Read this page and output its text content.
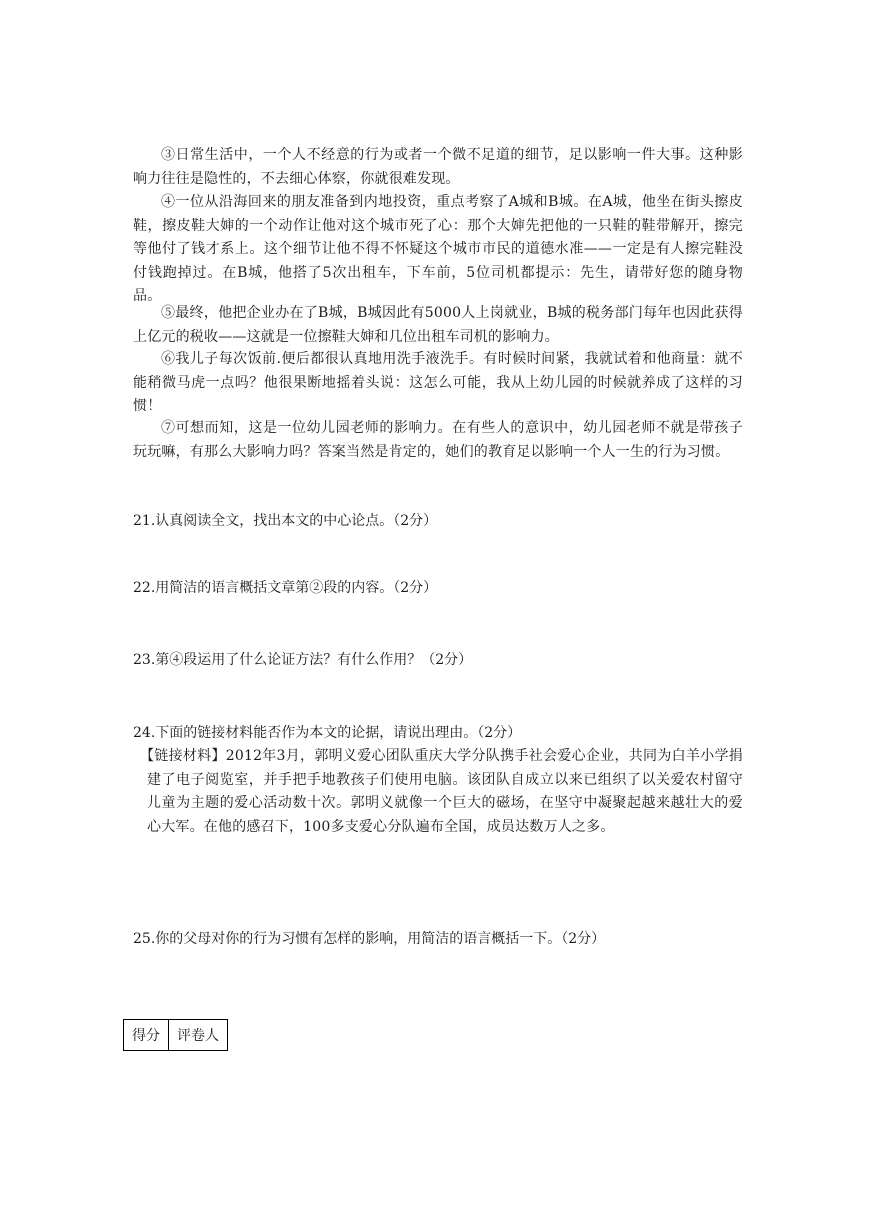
③日常生活中，一个人不经意的行为或者一个微不足道的细节，足以影响一件大事。这种影响力往往是隐性的，不去细心体察，你就很难发现。

④一位从沿海回来的朋友准备到内地投资，重点考察了A城和B城。在A城，他坐在街头擦皮鞋，擦皮鞋大婶的一个动作让他对这个城市死了心：那个大婶先把他的一只鞋的鞋带解开，擦完等他付了钱才系上。这个细节让他不得不怀疑这个城市市民的道德水准——一定是有人擦完鞋没付钱跑掉过。在B城，他搭了5次出租车，下车前，5位司机都提示：先生，请带好您的随身物品。

⑤最终，他把企业办在了B城，B城因此有5000人上岗就业，B城的税务部门每年也因此获得上亿元的税收——这就是一位擦鞋大婶和几位出租车司机的影响力。

⑥我儿子每次饭前.便后都很认真地用洗手液洗手。有时候时间紧，我就试着和他商量：就不能稍微马虎一点吗？他很果断地摇着头说：这怎么可能，我从上幼儿园的时候就养成了这样的习惯！

⑦可想而知，这是一位幼儿园老师的影响力。在有些人的意识中，幼儿园老师不就是带孩子玩玩嘛，有那么大影响力吗？答案当然是肯定的，她们的教育足以影响一个人一生的行为习惯。

21.认真阅读全文，找出本文的中心论点。（2分）

22.用简洁的语言概括文章第②段的内容。（2分）

23.第④段运用了什么论证方法？有什么作用？（2分）

24.下面的链接材料能否作为本文的论据，请说出理由。（2分）

【链接材料】2012年3月，郭明义爱心团队重庆大学分队携手社会爱心企业，共同为白羊小学捐建了电子阅览室，并手把手地教孩子们使用电脑。该团队自成立以来已组织了以关爱农村留守儿童为主题的爱心活动数十次。郭明义就像一个巨大的磁场，在坚守中凝聚起越来越壮大的爱心大军。在他的感召下，100多支爱心分队遍布全国，成员达数万人之多。

25.你的父母对你的行为习惯有怎样的影响，用简洁的语言概括一下。（2分）

得分	评卷人
